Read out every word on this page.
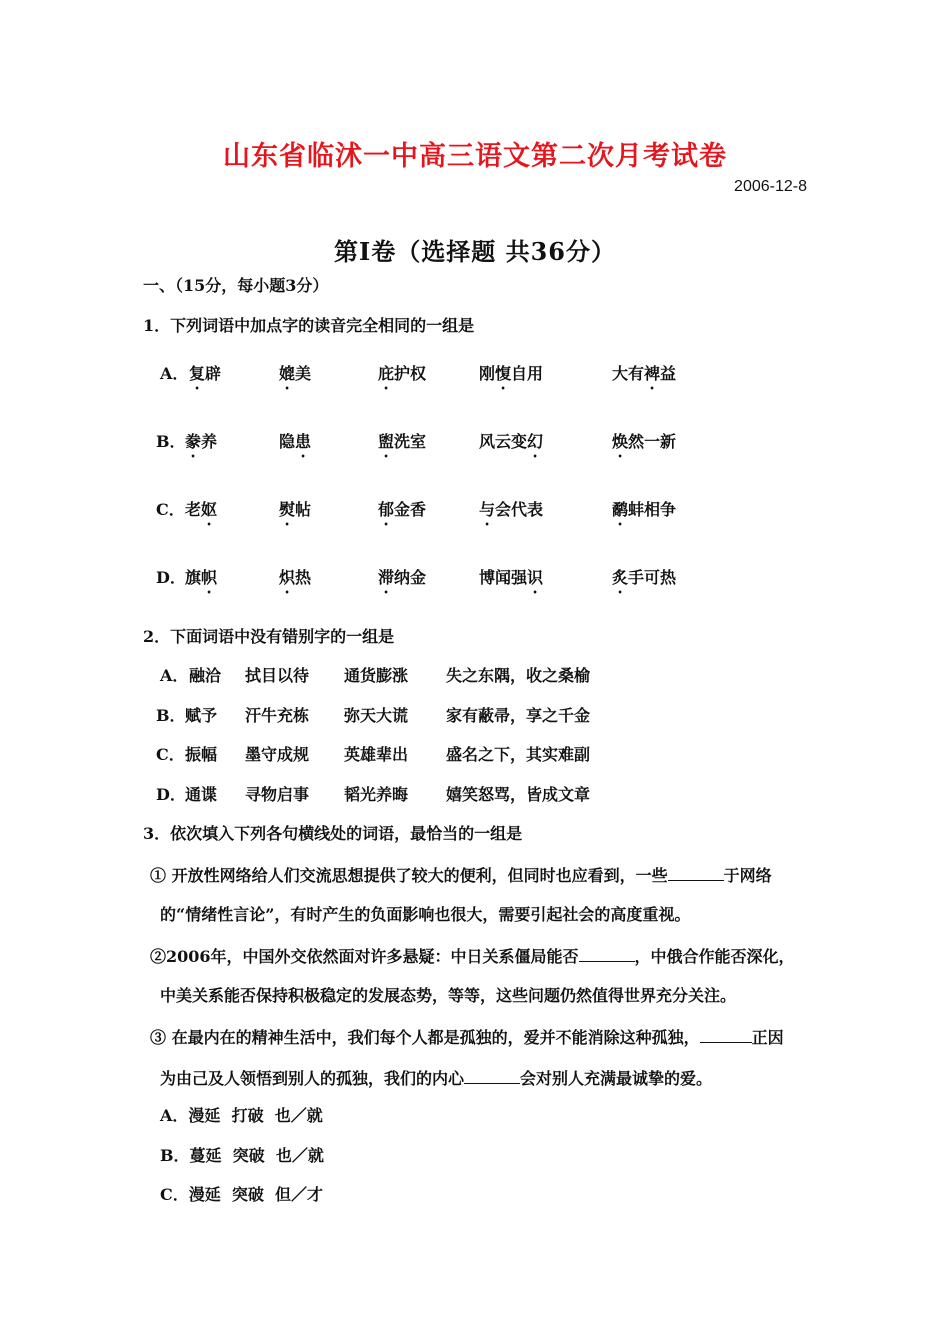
山东省临沭一中高三语文第二次月考试卷
2006-12-8
第Ⅰ卷（选择题 共36分）
一、（15分，每小题3分）
1．下列词语中加点字的读音完全相同的一组是
A． 复辟	媲美	庇护权	刚愎自用	大有裨益
B． 豢养	隐患	盥洗室	风云变幻	焕然一新
C． 老妪	熨帖	郁金香	与会代表	鹬蚌相争
D． 旗帜	炽热	滞纳金	博闻强识	炙手可热
2．下面词语中没有错别字的一组是
A． 融洽 拭目以待 通货膨涨 失之东隅，收之桑榆
B． 赋予 汗牛充栋 弥天大谎 家有蔽帚，享之千金
C． 振幅 墨守成规 英雄辈出 盛名之下，其实难副
D． 通谍 寻物启事 韬光养晦 嬉笑怒骂，皆成文章
3．依次填入下列各句横线处的词语，最恰当的一组是
① 开放性网络给人们交流思想提供了较大的便利，但同时也应看到，一些	于网络
的“情绪性言论”，有时产生的负面影响也很大，需要引起社会的高度重视。
②2006年，中国外交依然面对许多悬疑：中日关系僵局能否	，中俄合作能否深化，
中美关系能否保持积极稳定的发展态势，等等，这些问题仍然值得世界充分关注。
③ 在最内在的精神生活中，我们每个人都是孤独的，爱并不能消除这种孤独，	正因
为由己及人领悟到别人的孤独，我们的内心	会对别人充满最诚挚的爱。
A．漫延  打破  也／就
B．蔓延  突破  也／就
C．漫延  突破  但／才
